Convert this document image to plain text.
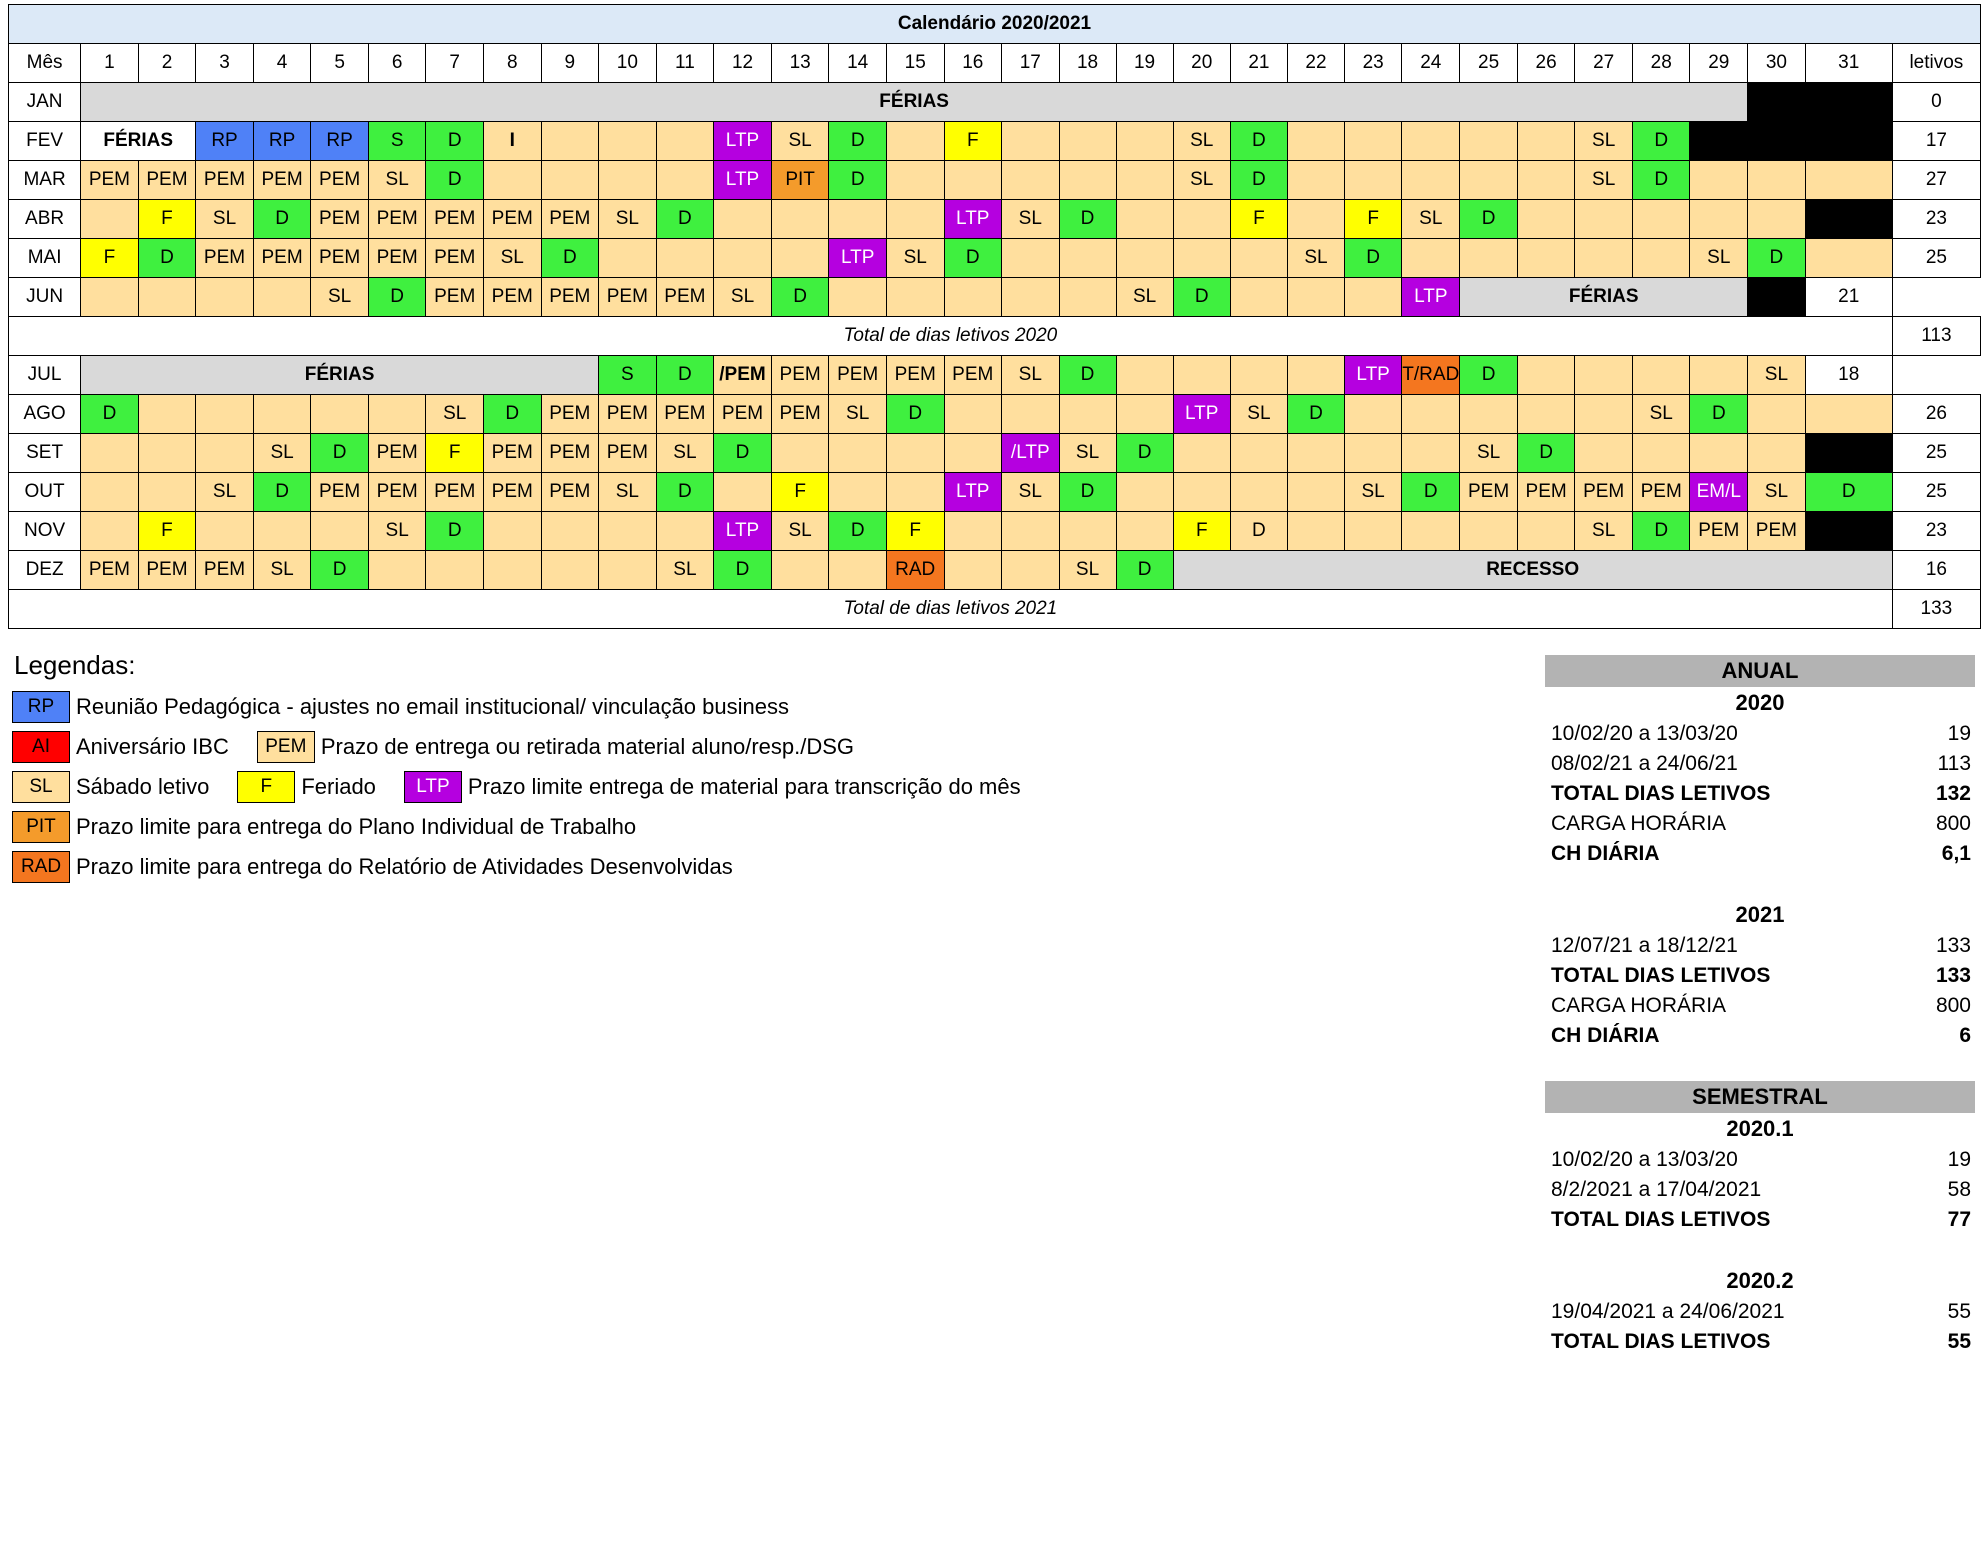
Calendário 2020/2021																																
Mês	1	2	3	4	5	6	7	8	9	10	11	12	13	14	15	16	17	18	19	20	21	22	23	24	25	26	27	28	29	30	31	letivos
JAN	FÉRIAS																															0
FEV	FÉRIAS		RP	RP	RP	S	D	I				LTP	SL	D		F				SL	D						SL	D				17
MAR	PEM	PEM	PEM	PEM	PEM	SL	D					LTP	PIT	D						SL	D						SL	D				27
ABR		F	SL	D	PEM	PEM	PEM	PEM	PEM	SL	D					LTP	SL	D			F		F	SL	D							23
MAI	F	D	PEM	PEM	PEM	PEM	PEM	SL	D					LTP	SL	D						SL	D						SL	D		25
JUN					SL	D	PEM	PEM	PEM	PEM	PEM	SL	D						SL	D				LTP	FÉRIAS						21	
Total de dias letivos 2020																																113
JUL	FÉRIAS									S	D	/PEM	PEM	PEM	PEM	PEM	SL	D					LTP	T/RAD	D					SL	18	
AGO	D						SL	D	PEM	PEM	PEM	PEM	PEM	SL	D					LTP	SL	D						SL	D			26
SET				SL	D	PEM	F	PEM	PEM	PEM	SL	D					/LTP	SL	D						SL	D						25
OUT			SL	D	PEM	PEM	PEM	PEM	PEM	SL	D		F			LTP	SL	D					SL	D	PEM	PEM	PEM	PEM	EM/L	SL	D	25
NOV		F				SL	D					LTP	SL	D	F					F	D						SL	D	PEM	PEM		23
DEZ	PEM	PEM	PEM	SL	D						SL	D			RAD			SL	D	RECESSO												16
Total de dias letivos 2021																																133
Legendas:
RP Reunião Pedagógica - ajustes no email institucional/ vinculação business
AI	Aniversário IBC	PEM Prazo de entrega ou retirada material aluno/resp./DSG
SL	Sábado letivo	F	Feriado	LTP Prazo limite entrega de material para transcrição do mês
PIT Prazo limite para entrega do Plano Individual de Trabalho
RAD Prazo limite para entrega do Relatório de Atividades Desenvolvidas
ANUAL
2020
10/02/20 a 13/03/20	19
08/02/21 a 24/06/21	113
TOTAL DIAS LETIVOS	132
CARGA HORÁRIA	800
CH DIÁRIA	6,1
2021
12/07/21 a 18/12/21	133
TOTAL DIAS LETIVOS	133
CARGA HORÁRIA	800
CH DIÁRIA	6
SEMESTRAL
2020.1
10/02/20 a 13/03/20	19
8/2/2021 a 17/04/2021	58
TOTAL DIAS LETIVOS	77
2020.2
19/04/2021 a 24/06/2021	55
TOTAL DIAS LETIVOS	55
